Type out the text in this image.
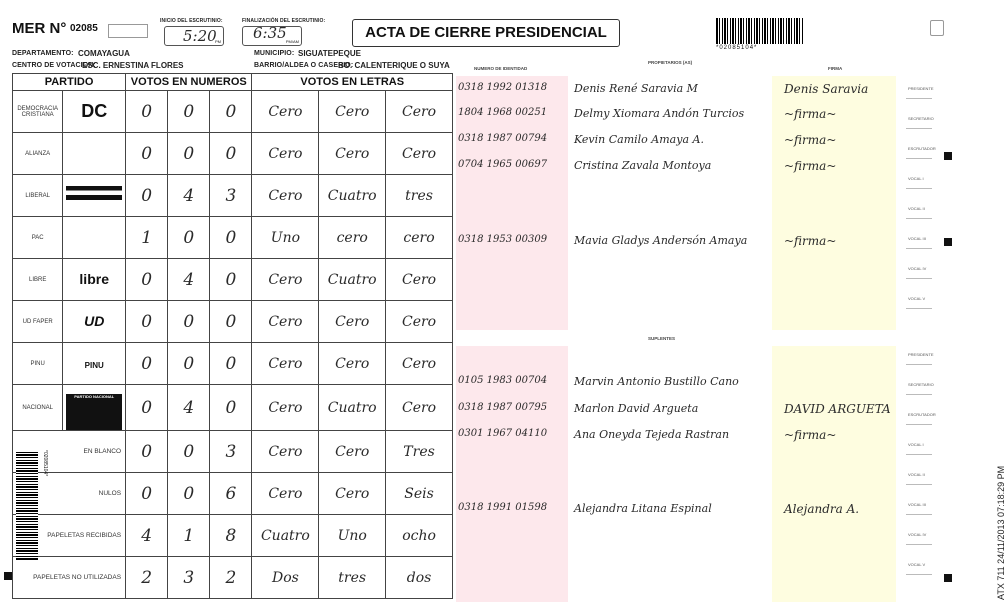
MER N° 02085
INICIO DEL ESCRUTINIO:
5:20
PM
FINALIZACIÓN DEL ESCRUTINIO:
6:35 PM/AM
ACTA DE CIERRE PRESIDENCIAL
*02085104*
DEPARTAMENTO: COMAYAGUA	MUNICIPIO: SIGUATEPEQUE
CENTRO DE VOTACION:
ESC. ERNESTINA FLORES	BARRIO/ALDEA O CASERIO:
BO. CALENTERIQUE O SUYA
PARTIDO		VOTOS EN NUMEROS			VOTOS EN LETRAS		
DEMOCRACIA CRISTIANA	DC	0	0	0	Cero	Cero	Cero
ALIANZA		0	0	0	Cero	Cero	Cero
LIBERAL		0	4	3	Cero	Cuatro	tres
PAC		1	0	0	Uno	cero	cero
LIBRE	libre	0	4	0	Cero	Cuatro	Cero
UD FAPER	UD	0	0	0	Cero	Cero	Cero
PINU	PINU	0	0	0	Cero	Cero	Cero
NACIONAL	PARTIDO NACIONAL	0	4	0	Cero	Cuatro	Cero
EN BLANCO		0	0	3	Cero	Cero	Tres
NULOS		0	0	6	Cero	Cero	Seis
PAPELETAS RECIBIDAS		4	1	8	Cuatro	Uno	ocho
PAPELETAS NO UTILIZADAS		2	3	2	Dos	tres	dos
*02085104*
NUMERO DE IDENTIDAD
PROPIETARIOS (AS)
FIRMA
SUPLENTES
0318 1992 01318 Denis René Saravia M	Denis Saravia
1804 1968 00251 Delmy Xiomara Andón Turcios	~firma~
0318 1987 00794 Kevin Camilo Amaya A.	~firma~
0704 1965 00697 Cristina Zavala Montoya	~firma~
0318 1953 00309 Mavia Gladys Andersón Amaya	~firma~
0105 1983 00704 Marvin Antonio Bustillo Cano
0318 1987 00795 Marlon David Argueta	DAVID ARGUETA
0301 1967 04110 Ana Oneyda Tejeda Rastran	~firma~
0318 1991 01598 Alejandra Litana Espinal	Alejandra A.
PRESIDENTE
SECRETARIO
ESCRUTADOR
VOCAL I
VOCAL II
VOCAL III
VOCAL IV
VOCAL V
PRESIDENTE
SECRETARIO
ESCRUTADOR
VOCAL I
VOCAL II
VOCAL III
VOCAL IV
VOCAL V	ATX 711 24/11/2013 07:18:29 PM
